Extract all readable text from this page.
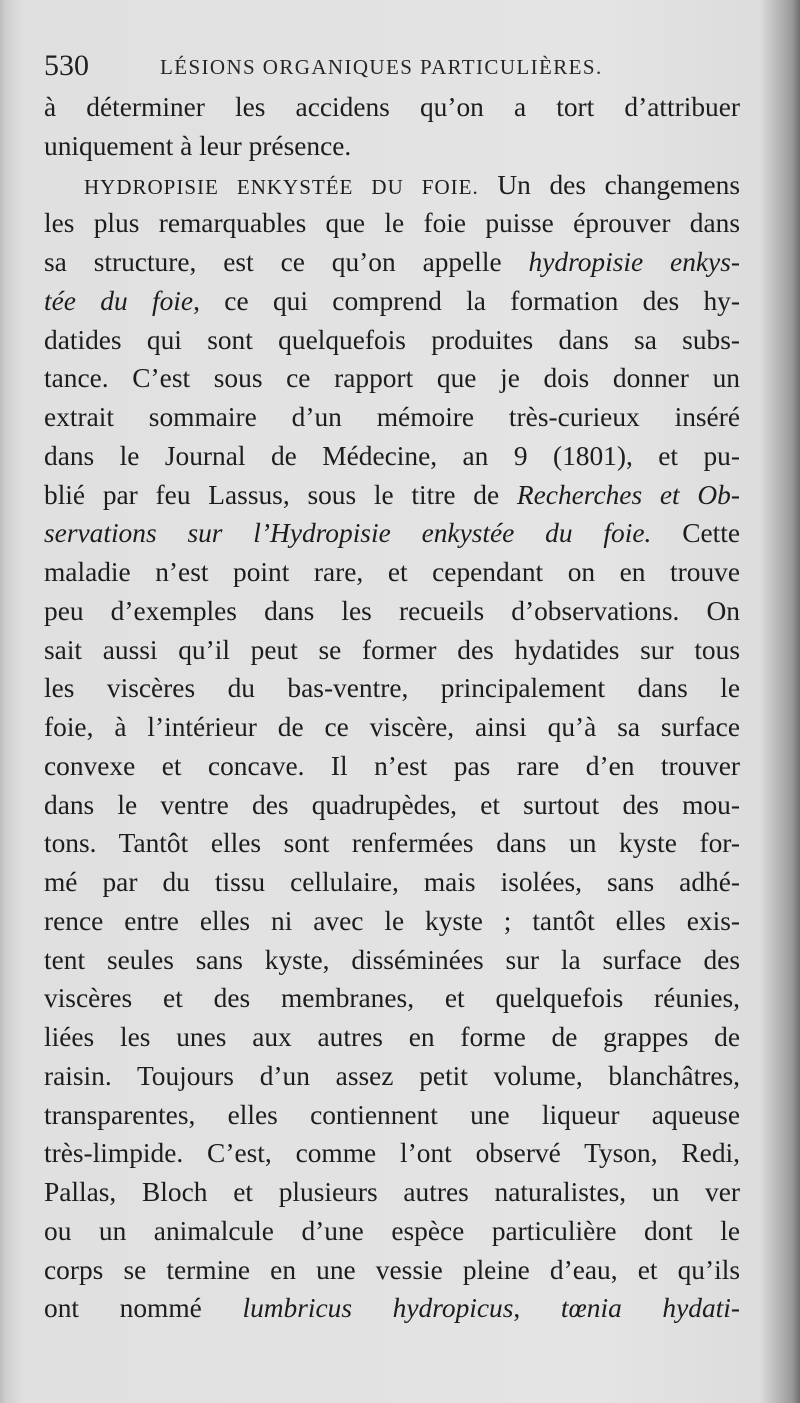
530	LÉSIONS ORGANIQUES PARTICULIÈRES.
à déterminer les accidens qu’on a tort d’attribuer
uniquement à leur présence.
HYDROPISIE ENKYSTÉE DU FOIE. Un des changemens
les plus remarquables que le foie puisse éprouver dans
sa structure, est ce qu’on appelle hydropisie enkys-
tée du foie, ce qui comprend la formation des hy-
datides qui sont quelquefois produites dans sa subs-
tance. C’est sous ce rapport que je dois donner un
extrait sommaire d’un mémoire très-curieux inséré
dans le Journal de Médecine, an 9 (1801), et pu-
blié par feu Lassus, sous le titre de Recherches et Ob-
servations sur l’Hydropisie enkystée du foie. Cette
maladie n’est point rare, et cependant on en trouve
peu d’exemples dans les recueils d’observations. On
sait aussi qu’il peut se former des hydatides sur tous
les viscères du bas-ventre, principalement dans le
foie, à l’intérieur de ce viscère, ainsi qu’à sa surface
convexe et concave. Il n’est pas rare d’en trouver
dans le ventre des quadrupèdes, et surtout des mou-
tons. Tantôt elles sont renfermées dans un kyste for-
mé par du tissu cellulaire, mais isolées, sans adhé-
rence entre elles ni avec le kyste ; tantôt elles exis-
tent seules sans kyste, disséminées sur la surface des
viscères et des membranes, et quelquefois réunies,
liées les unes aux autres en forme de grappes de
raisin. Toujours d’un assez petit volume, blanchâtres,
transparentes, elles contiennent une liqueur aqueuse
très-limpide. C’est, comme l’ont observé Tyson, Redi,
Pallas, Bloch et plusieurs autres naturalistes, un ver
ou un animalcule d’une espèce particulière dont le
corps se termine en une vessie pleine d’eau, et qu’ils
ont nommé lumbricus hydropicus, tœnia hydati-
